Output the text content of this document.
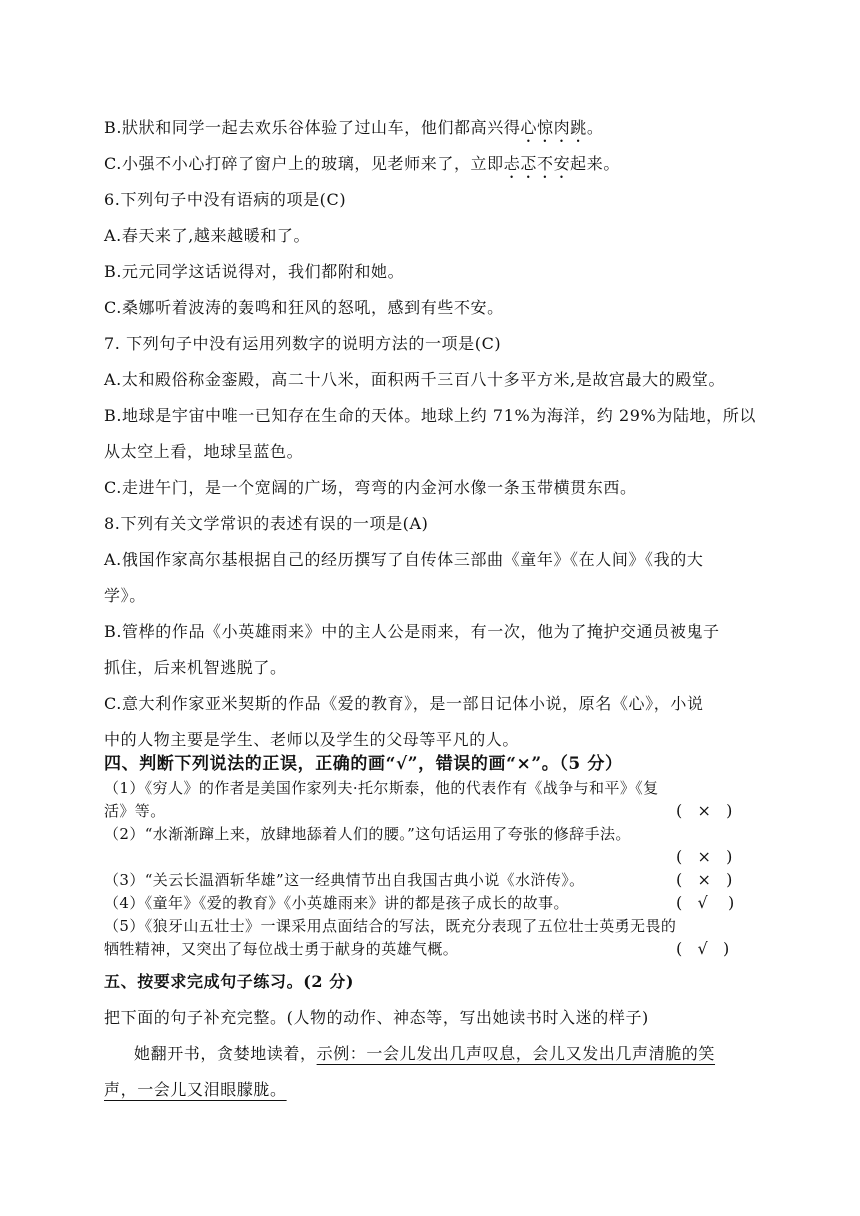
B.狀狀和同学一起去欢乐谷体验了过山车，他们都高兴得心惊肉跳。
C.小强不小心打碎了窗户上的玻璃，见老师来了，立即忐忑不安起来。
6.下列句子中没有语病的项是(C)
A.春天来了,越来越暖和了。
B.元元同学这话说得对，我们都附和她。
C.桑娜听着波涛的轰鸣和狂风的怒吼，感到有些不安。
7. 下列句子中没有运用列数字的说明方法的一项是(C)
A.太和殿俗称金銮殿，高二十八米，面积两千三百八十多平方米,是故宫最大的殿堂。
B.地球是宇宙中唯一已知存在生命的天体。地球上约 71%为海洋，约 29%为陆地，所以
从太空上看，地球呈蓝色。
C.走进午门，是一个宽阔的广场，弯弯的内金河水像一条玉带横贯东西。
8.下列有关文学常识的表述有误的一项是(A)
A.俄国作家高尔基根据自己的经历撰写了自传体三部曲《童年》《在人间》《我的大
学》。
B.管桦的作品《小英雄雨来》中的主人公是雨来，有一次，他为了掩护交通员被鬼子
抓住，后来机智逃脱了。
C.意大利作家亚米契斯的作品《爱的教育》，是一部日记体小说，原名《心》，小说
中的人物主要是学生、老师以及学生的父母等平凡的人。
四、判断下列说法的正误，正确的画“√”，错误的画“×”。（5 分）
（1）《穷人》的作者是美国作家列夫·托尔斯泰，他的代表作有《战争与和平》《复
活》等。	(   ×   )
（2）“水渐渐蹿上来，放肆地舔着人们的腰。”这句话运用了夸张的修辞手法。
(   ×   )
（3）“关云长温酒斩华雄”这一经典情节出自我国古典小说《水浒传》。	(   ×   )
（4）《童年》《爱的教育》《小英雄雨来》讲的都是孩子成长的故事。	(   √    )
（5）《狼牙山五壮士》一课采用点面结合的写法，既充分表现了五位壮士英勇无畏的
牺牲精神，又突出了每位战士勇于献身的英雄气概。	(   √   )
五、按要求完成句子练习。(2 分)
把下面的句子补充完整。(人物的动作、神态等，写出她读书时入迷的样子)
她翻开书，贪婪地读着，示例：一会儿发出几声叹息，会儿又发出几声清脆的笑
声，一会儿又泪眼朦胧。
